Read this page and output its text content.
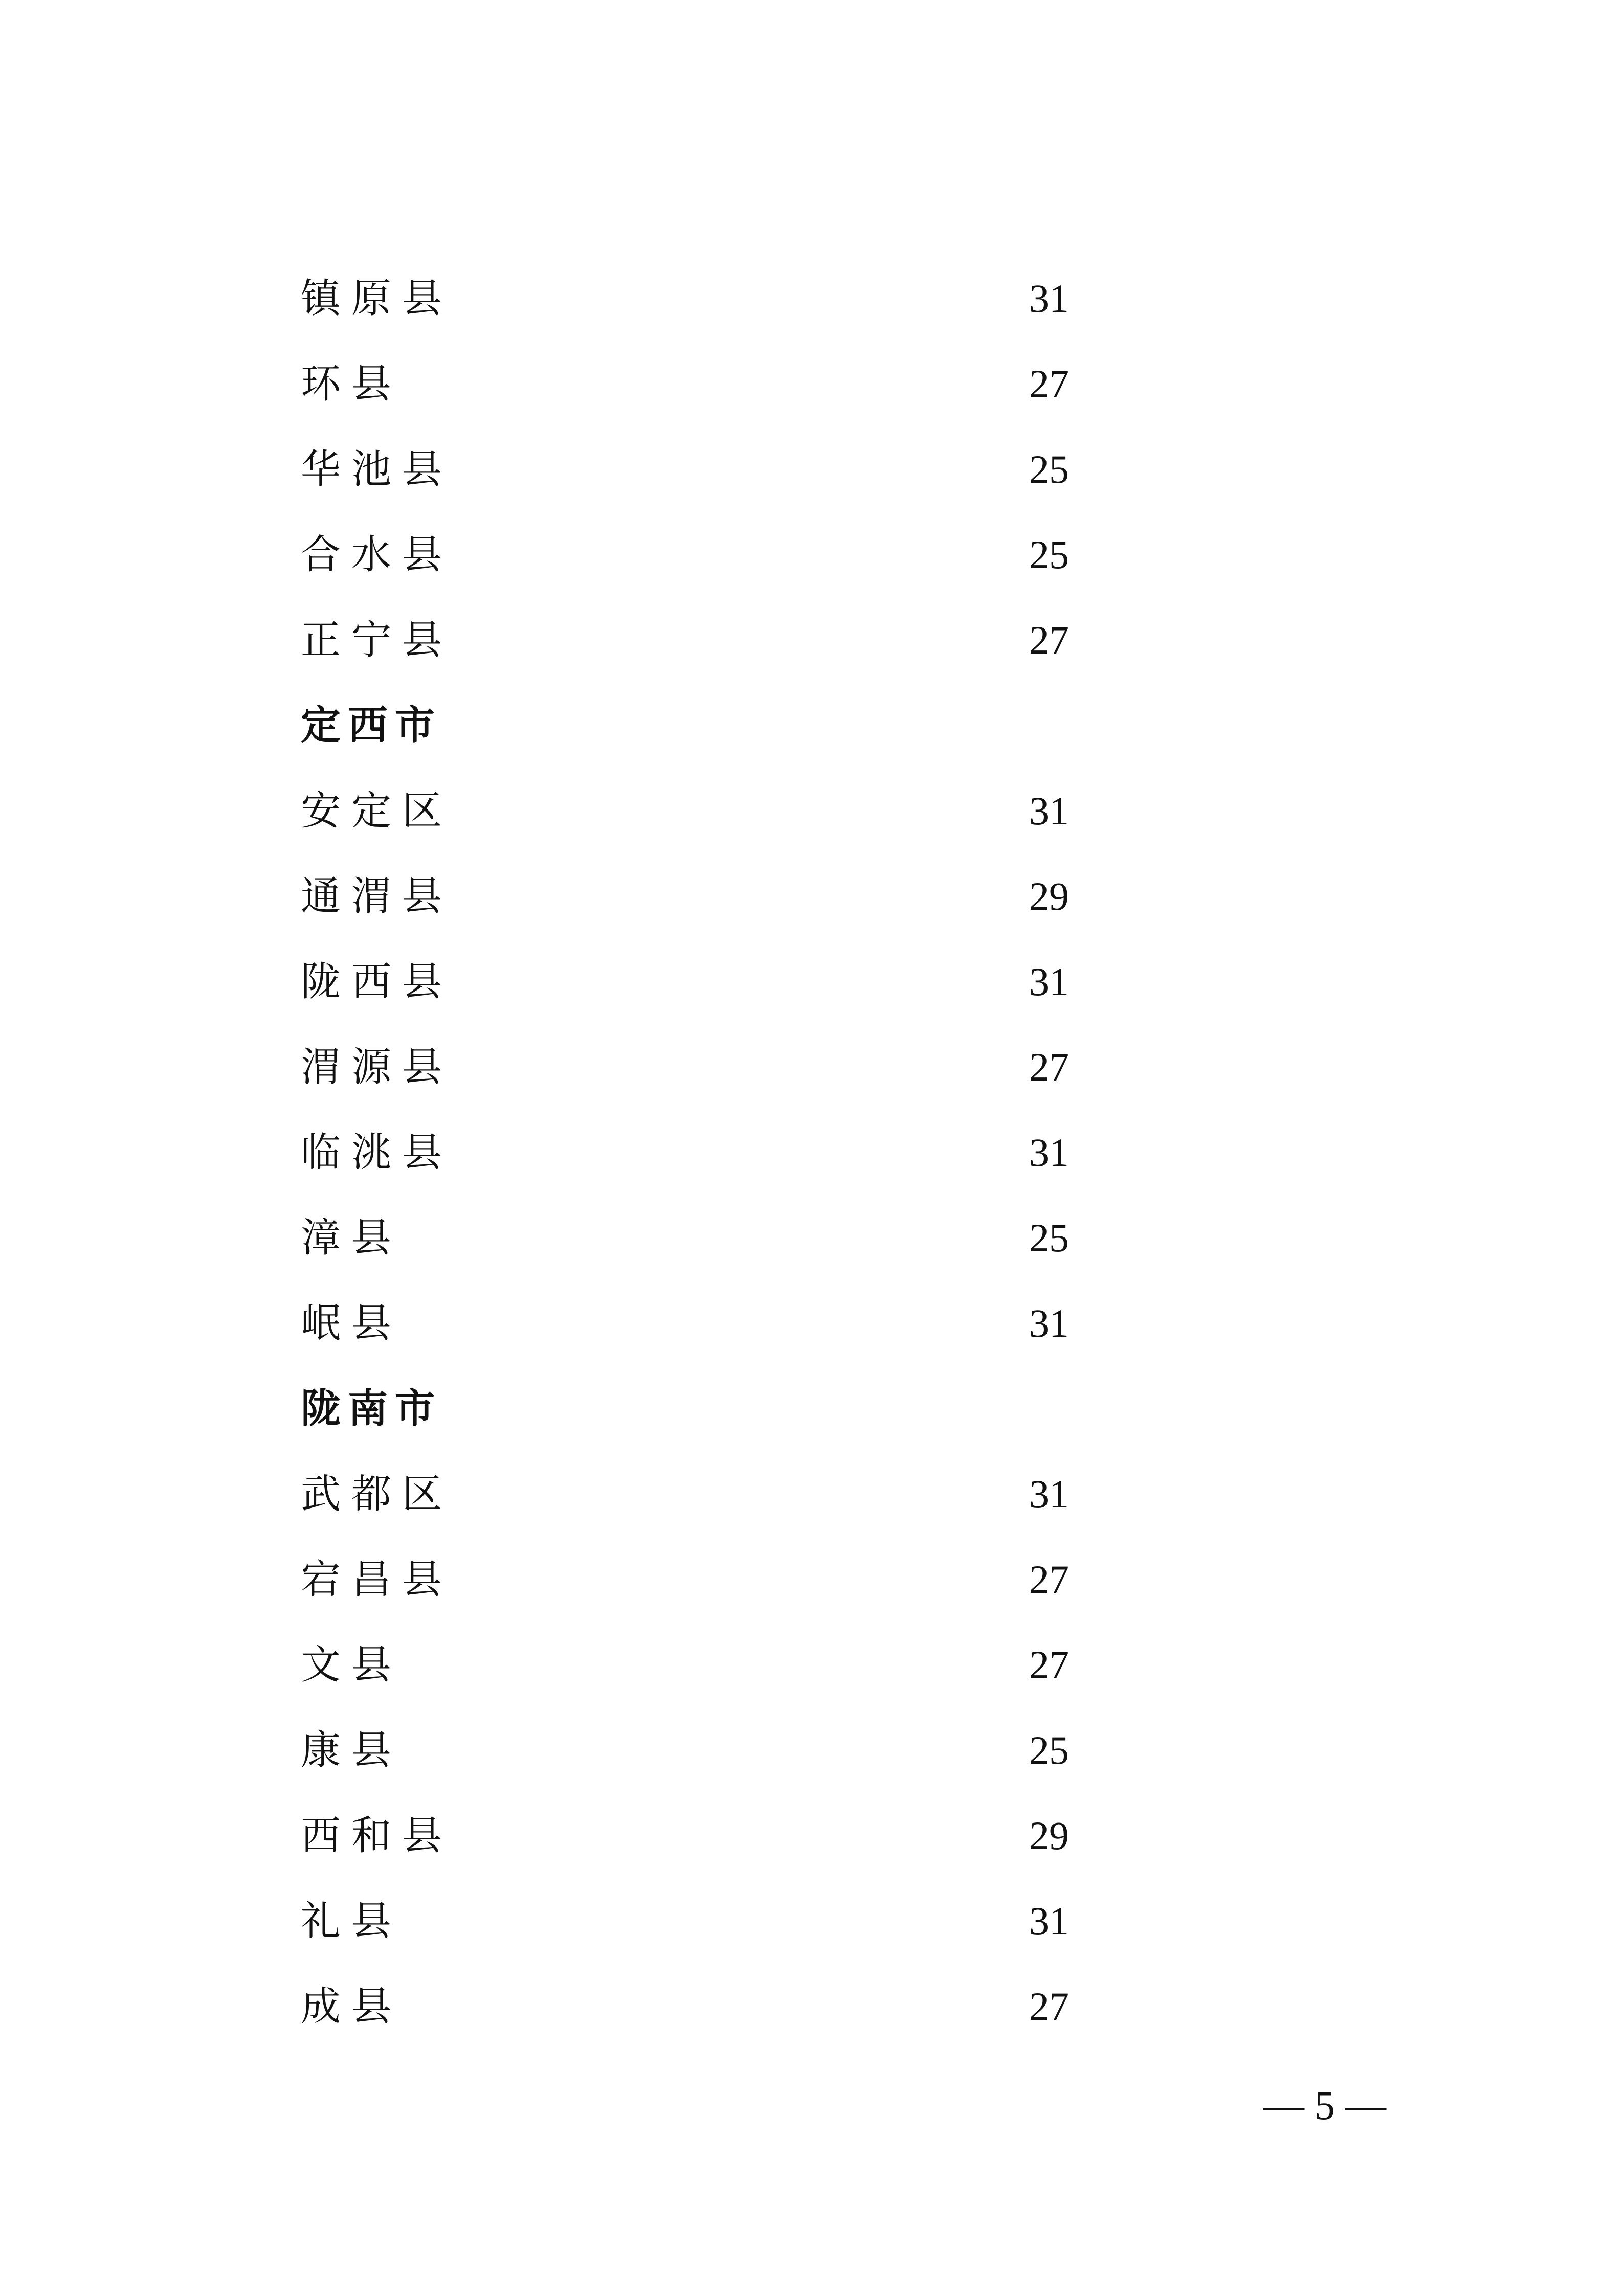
镇原县	31
环县	27
华池县	25
合水县	25
正宁县	27
定西市
安定区	31
通渭县	29
陇西县	31
渭源县	27
临洮县	31
漳县	25
岷县	31
陇南市
武都区	31
宕昌县	27
文县	27
康县	25
西和县	29
礼县	31
成县	27
— 5 —
